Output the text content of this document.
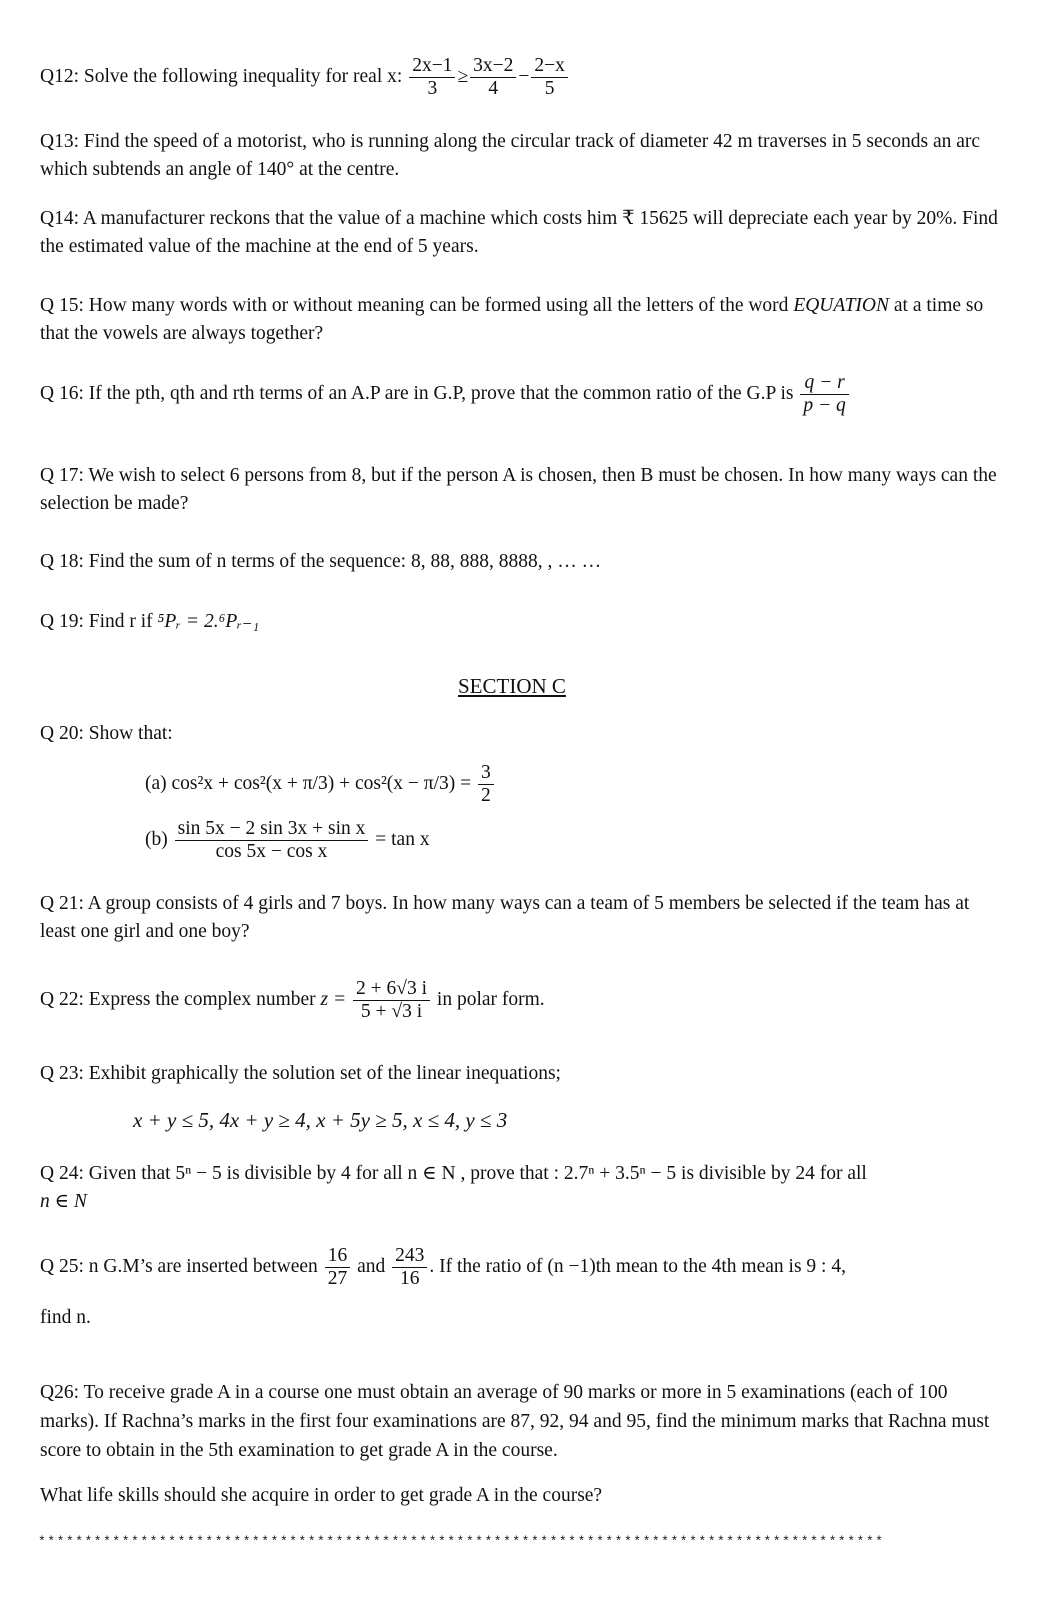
Q12: Solve the following inequality for real x: $\frac{2x-1}{3} \ge \frac{3x-2}{4} - \frac{2-x}{5}$
Q13: Find the speed of a motorist, who is running along the circular track of diameter 42 m traverses in 5 seconds an arc which subtends an angle of 140° at the centre.
Q14: A manufacturer reckons that the value of a machine which costs him ₹ 15625 will depreciate each year by 20%. Find the estimated value of the machine at the end of 5 years.
Q 15: How many words with or without meaning can be formed using all the letters of the word EQUATION at a time so that the vowels are always together?
Q 16: If the pth, qth and rth terms of an A.P are in G.P, prove that the common ratio of the G.P is $\frac{q - r}{p - q}$
Q 17: We wish to select 6 persons from 8, but if the person A is chosen, then B must be chosen. In how many ways can the selection be made?
Q 18: Find the sum of n terms of the sequence: 8, 88, 888, 8888, , … …
Q 19: Find r if ⁵Pᵣ = 2.⁶Pᵣ₋₁
SECTION C
Q 20: Show that:
(a) $\cos^2x + \cos^2(x + \pi/3) + \cos^2(x - \pi/3) = \frac{3}{2}$
$(b) \frac{\text{sin 5x − 2 sin 3x + sin x}}{\text{cos 5x − cos x}} = \tan x$
Q 21: A group consists of 4 girls and 7 boys. In how many ways can a team of 5 members be selected if the team has at least one girl and one boy?
Q 22: Express the complex number $z = \frac{2 + 6√3 i}{5 + √3 i}$ in polar form.
Q 23: Exhibit graphically the solution set of the linear inequations;
x + y ≤ 5, 4x + y ≥ 4, x + 5y ≥ 5, x ≤ 4, y ≤ 3
Q 24: Given that 5ⁿ − 5 is divisible by 4 for all n ∈ N , prove that : 2.7ⁿ + 3.5ⁿ − 5 is divisible by 24 for all
n ∈ N
Q 25: n G.M’s are inserted between $\frac{16}{27}$ and $\frac{243}{16}$ . If the ratio of (n −1)th mean to the 4th mean is 9 : 4,
find n.
Q26: To receive grade A in a course one must obtain an average of 90 marks or more in 5 examinations (each of 100 marks). If Rachna’s marks in the first four examinations are 87, 92, 94 and 95, find the minimum marks that Rachna must score to obtain in the 5th examination to get grade A in the course.
What life skills should she acquire in order to get grade A in the course?
*******************************************************************************************
